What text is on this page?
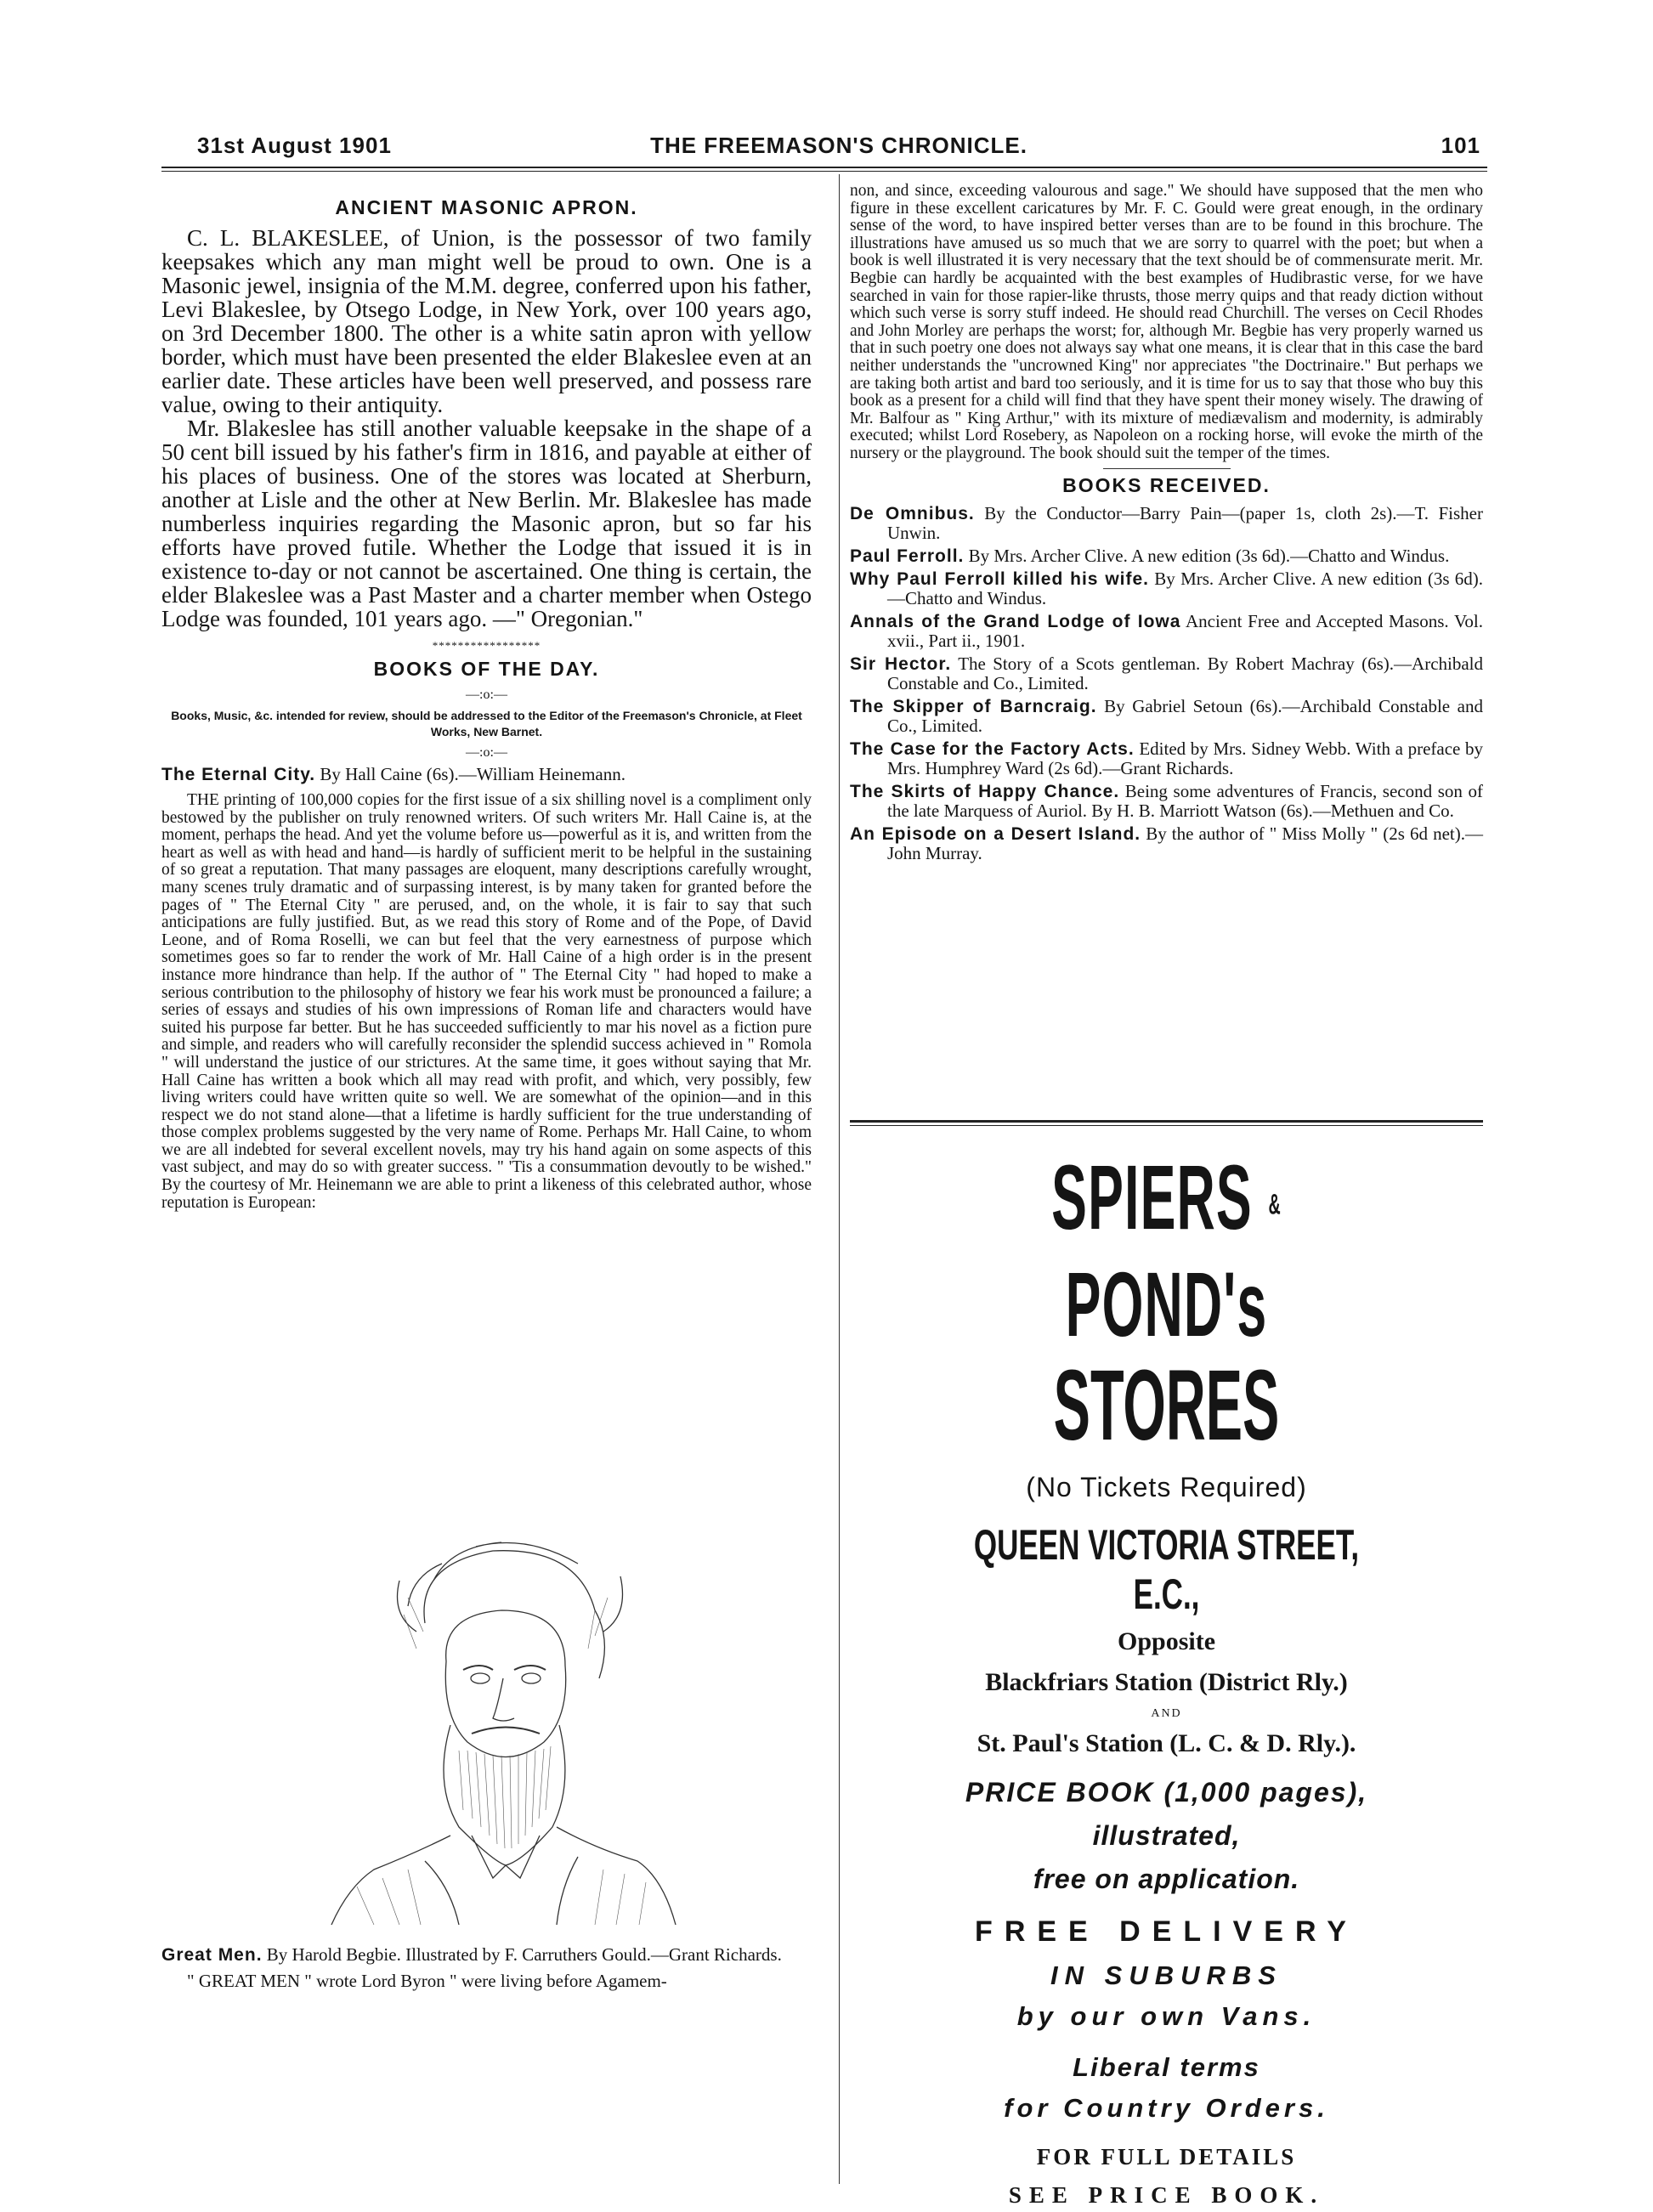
31st August 1901	THE FREEMASON'S CHRONICLE.	101
ANCIENT MASONIC APRON.

C. L. BLAKESLEE, of Union, is the possessor of two family keepsakes which any man might well be proud to own. One is a Masonic jewel, insignia of the M.M. degree, conferred upon his father, Levi Blakeslee, by Otsego Lodge, in New York, over 100 years ago, on 3rd December 1800. The other is a white satin apron with yellow border, which must have been presented the elder Blakeslee even at an earlier date. These articles have been well preserved, and possess rare value, owing to their antiquity.

Mr. Blakeslee has still another valuable keepsake in the shape of a 50 cent bill issued by his father's firm in 1816, and payable at either of his places of business. One of the stores was located at Sherburn, another at Lisle and the other at New Berlin. Mr. Blakeslee has made numberless inquiries regarding the Masonic apron, but so far his efforts have proved futile. Whether the Lodge that issued it is in existence to-day or not cannot be ascertained. One thing is certain, the elder Blakeslee was a Past Master and a charter member when Ostego Lodge was founded, 101 years ago. —" Oregonian."

*****************
BOOKS OF THE DAY.
—:o:—
Books, Music, &c. intended for review, should be addressed to the Editor of the Freemason's Chronicle, at Fleet Works, New Barnet.
—:o:—

The Eternal City. By Hall Caine (6s).—William Heinemann.

THE printing of 100,000 copies for the first issue of a six shilling novel is a compliment only bestowed by the publisher on truly renowned writers. Of such writers Mr. Hall Caine is, at the moment, perhaps the head. And yet the volume before us—powerful as it is, and written from the heart as well as with head and hand—is hardly of sufficient merit to be helpful in the sustaining of so great a reputation. That many passages are eloquent, many descriptions carefully wrought, many scenes truly dramatic and of surpassing interest, is by many taken for granted before the pages of " The Eternal City " are perused, and, on the whole, it is fair to say that such anticipations are fully justified. But, as we read this story of Rome and of the Pope, of David Leone, and of Roma Roselli, we can but feel that the very earnestness of purpose which sometimes goes so far to render the work of Mr. Hall Caine of a high order is in the present instance more hindrance than help. If the author of " The Eternal City " had hoped to make a serious contribution to the philosophy of history we fear his work must be pronounced a failure; a series of essays and studies of his own impressions of Roman life and characters would have suited his purpose far better. But he has succeeded sufficiently to mar his novel as a fiction pure and simple, and readers who will carefully reconsider the splendid success achieved in " Romola " will understand the justice of our strictures. At the same time, it goes without saying that Mr. Hall Caine has written a book which all may read with profit, and which, very possibly, few living writers could have written quite so well. We are somewhat of the opinion—and in this respect we do not stand alone—that a lifetime is hardly sufficient for the true understanding of those complex problems suggested by the very name of Rome. Perhaps Mr. Hall Caine, to whom we are all indebted for several excellent novels, may try his hand again on some aspects of this vast subject, and may do so with greater success. " 'Tis a consummation devoutly to be wished." By the courtesy of Mr. Heinemann we are able to print a likeness of this celebrated author, whose reputation is European:

Great Men. By Harold Begbie. Illustrated by F. Carruthers Gould.—Grant Richards.

" GREAT MEN " wrote Lord Byron " were living before Agamem-

non, and since, exceeding valourous and sage." We should have supposed that the men who figure in these excellent caricatures by Mr. F. C. Gould were great enough, in the ordinary sense of the word, to have inspired better verses than are to be found in this brochure. The illustrations have amused us so much that we are sorry to quarrel with the poet; but when a book is well illustrated it is very necessary that the text should be of commensurate merit. Mr. Begbie can hardly be acquainted with the best examples of Hudibrastic verse, for we have searched in vain for those rapier-like thrusts, those merry quips and that ready diction without which such verse is sorry stuff indeed. He should read Churchill. The verses on Cecil Rhodes and John Morley are perhaps the worst; for, although Mr. Begbie has very properly warned us that in such poetry one does not always say what one means, it is clear that in this case the bard neither understands the "uncrowned King" nor appreciates "the Doctrinaire." But perhaps we are taking both artist and bard too seriously, and it is time for us to say that those who buy this book as a present for a child will find that they have spent their money wisely. The drawing of Mr. Balfour as " King Arthur," with its mixture of mediævalism and modernity, is admirably executed; whilst Lord Rosebery, as Napoleon on a rocking horse, will evoke the mirth of the nursery or the playground. The book should suit the temper of the times.

BOOKS RECEIVED.

De Omnibus. By the Conductor—Barry Pain—(paper 1s, cloth 2s).—T. Fisher Unwin.

Paul Ferroll. By Mrs. Archer Clive. A new edition (3s 6d).—Chatto and Windus.

Why Paul Ferroll killed his wife. By Mrs. Archer Clive. A new edition (3s 6d).—Chatto and Windus.

Annals of the Grand Lodge of Iowa Ancient Free and Accepted Masons. Vol. xvii., Part ii., 1901.

Sir Hector. The Story of a Scots gentleman. By Robert Machray (6s).—Archibald Constable and Co., Limited.

The Skipper of Barncraig. By Gabriel Setoun (6s).—Archibald Constable and Co., Limited.

The Case for the Factory Acts. Edited by Mrs. Sidney Webb. With a preface by Mrs. Humphrey Ward (2s 6d).—Grant Richards.

The Skirts of Happy Chance. Being some adventures of Francis, second son of the late Marquess of Auriol. By H. B. Marriott Watson (6s).—Methuen and Co.

An Episode on a Desert Island. By the author of " Miss Molly " (2s 6d net).—John Murray.

SPIERS & POND's
STORES
(No Tickets Required)
QUEEN VICTORIA STREET, E.C.,
Opposite
Blackfriars Station (District Rly.)
AND
St. Paul's Station (L. C. & D. Rly.).
PRICE BOOK (1,000 pages),
illustrated,
free on application.
FREE DELIVERY
IN SUBURBS
by our own Vans.
Liberal terms
for Country Orders.
FOR FULL DETAILS
SEE PRICE BOOK.
